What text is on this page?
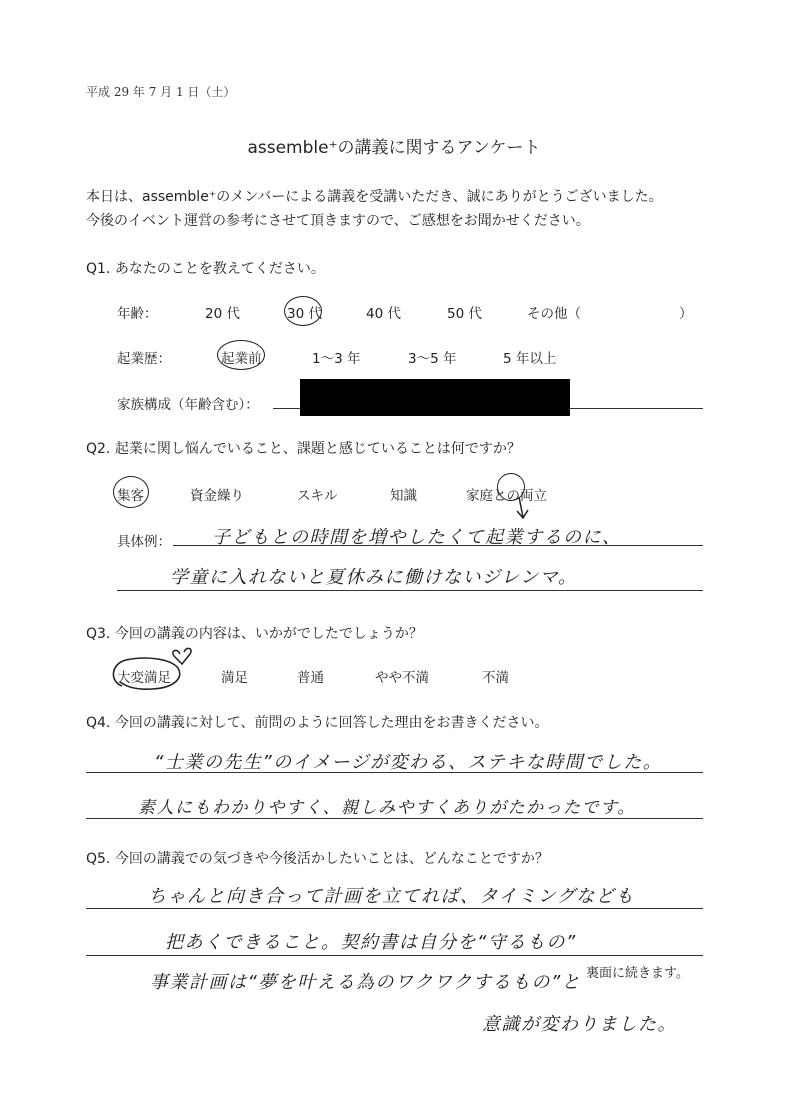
平成 29 年 7 月 1 日（土）
assemble⁺の講義に関するアンケート
本日は、assemble⁺のメンバーによる講義を受講いただき、誠にありがとうございました。
今後のイベント運営の参考にさせて頂きますので、ご感想をお聞かせください。
Q1. あなたのことを教えてください。
年齢：	20 代	30 代	40 代	50 代	その他（	）
起業歴：	起業前	1～3 年	3～5 年	5 年以上
家族構成（年齢含む）：
Q2. 起業に関し悩んでいること、課題と感じていることは何ですか？
集客	資金繰り	スキル	知識	家庭との両立
具体例： 子どもとの時間を増やしたくて起業するのに、
学童に入れないと夏休みに働けないジレンマ。
Q3. 今回の講義の内容は、いかがでしたでしょうか？
大変満足	満足	普通	やや不満	不満
Q4. 今回の講義に対して、前問のように回答した理由をお書きください。
“士業の先生”のイメージが変わる、ステキな時間でした。
素人にもわかりやすく、親しみやすくありがたかったです。
Q5. 今回の講義での気づきや今後活かしたいことは、どんなことですか？
ちゃんと向き合って計画を立てれば、タイミングなども
把あくできること。契約書は自分を“守るもの”
事業計画は“夢を叶える為のワクワクするもの”と 裏面に続きます。
意識が変わりました。
